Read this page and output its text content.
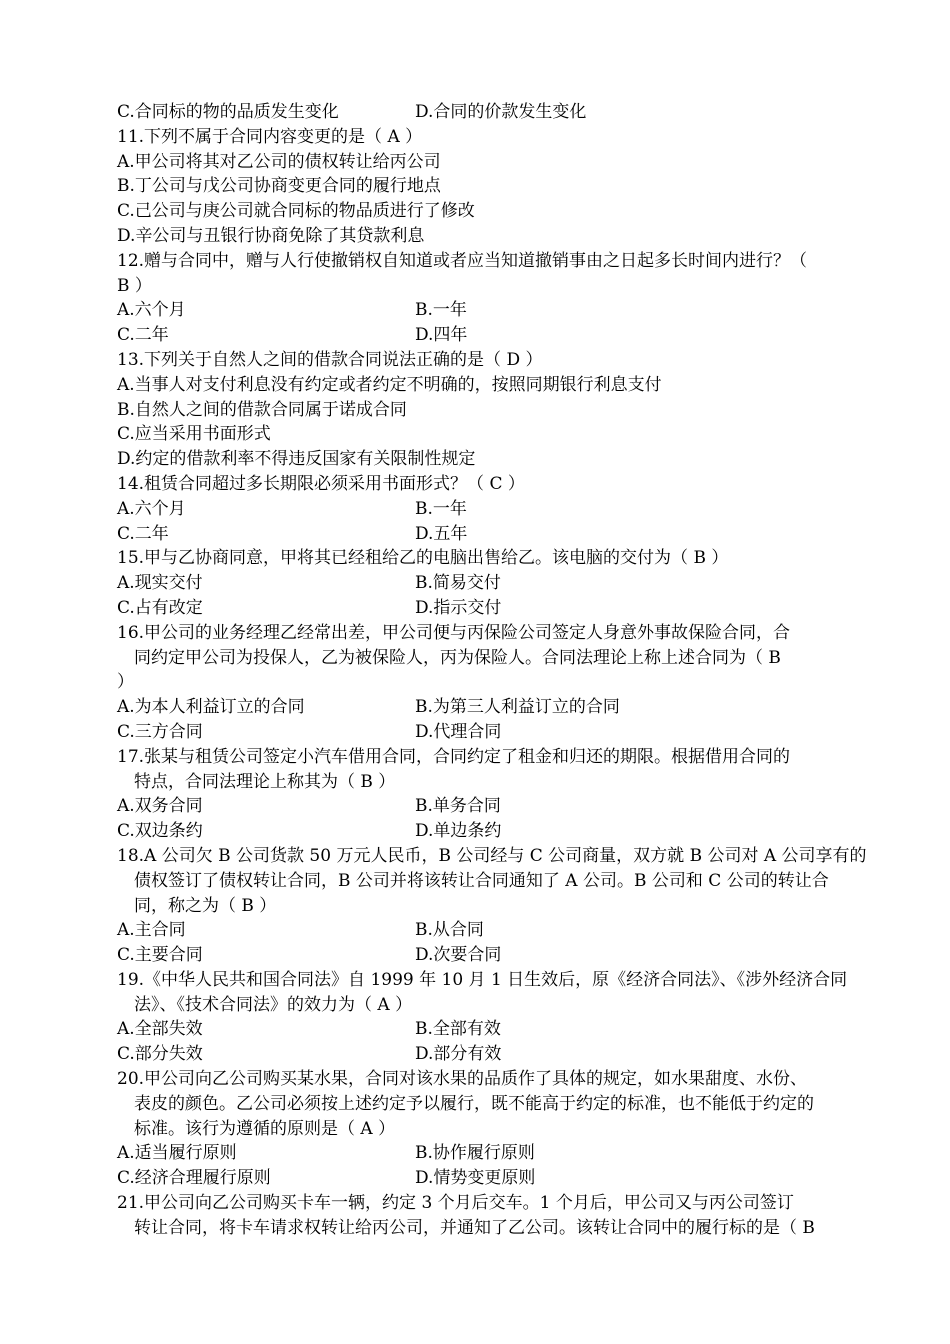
C.合同标的物的品质发生变化	D.合同的价款发生变化
11.下列不属于合同内容变更的是（ A ）
A.甲公司将其对乙公司的债权转让给丙公司
B.丁公司与戊公司协商变更合同的履行地点
C.己公司与庚公司就合同标的物品质进行了修改
D.辛公司与丑银行协商免除了其贷款利息
12.赠与合同中，赠与人行使撤销权自知道或者应当知道撤销事由之日起多长时间内进行？（
B ）
A.六个月	B.一年
C.二年	D.四年
13.下列关于自然人之间的借款合同说法正确的是（ D ）
A.当事人对支付利息没有约定或者约定不明确的，按照同期银行利息支付
B.自然人之间的借款合同属于诺成合同
C.应当采用书面形式
D.约定的借款利率不得违反国家有关限制性规定
14.租赁合同超过多长期限必须采用书面形式？（ C ）
A.六个月	B.一年
C.二年	D.五年
15.甲与乙协商同意，甲将其已经租给乙的电脑出售给乙。该电脑的交付为（ B ）
A.现实交付	B.简易交付
C.占有改定	D.指示交付
16.甲公司的业务经理乙经常出差，甲公司便与丙保险公司签定人身意外事故保险合同，合
同约定甲公司为投保人，乙为被保险人，丙为保险人。合同法理论上称上述合同为（ B
）
A.为本人利益订立的合同	B.为第三人利益订立的合同
C.三方合同	D.代理合同
17.张某与租赁公司签定小汽车借用合同，合同约定了租金和归还的期限。根据借用合同的
特点，合同法理论上称其为（ B ）
A.双务合同	B.单务合同
C.双边条约	D.单边条约
18.A 公司欠 B 公司货款 50 万元人民币，B 公司经与 C 公司商量，双方就 B 公司对 A 公司享有的
债权签订了债权转让合同，B 公司并将该转让合同通知了 A 公司。B 公司和 C 公司的转让合
同，称之为（ B ）
A.主合同	B.从合同
C.主要合同	D.次要合同
19.《中华人民共和国合同法》自 1999 年 10 月 1 日生效后，原《经济合同法》、《涉外经济合同
法》、《技术合同法》的效力为（ A ）
A.全部失效	B.全部有效
C.部分失效	D.部分有效
20.甲公司向乙公司购买某水果，合同对该水果的品质作了具体的规定，如水果甜度、水份、
表皮的颜色。乙公司必须按上述约定予以履行，既不能高于约定的标准，也不能低于约定的
标准。该行为遵循的原则是（ A ）
A.适当履行原则	B.协作履行原则
C.经济合理履行原则	D.情势变更原则
21.甲公司向乙公司购买卡车一辆，约定 3 个月后交车。1 个月后，甲公司又与丙公司签订
转让合同，将卡车请求权转让给丙公司，并通知了乙公司。该转让合同中的履行标的是（ B
